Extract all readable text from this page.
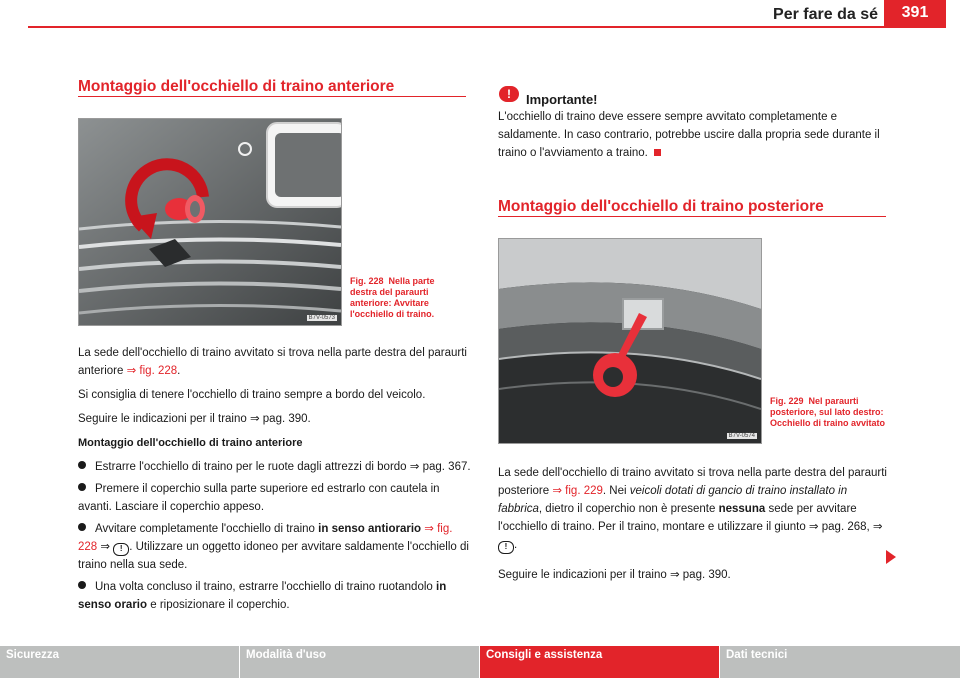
Per fare da sé	391
Montaggio dell'occhiello di traino anteriore
B7V-0573
Fig. 228 Nella parte destra del paraurti anteriore: Avvitare l'occhiello di traino.

La sede dell'occhiello di traino avvitato si trova nella parte destra del paraurti anteriore ⇒ fig. 228.

Si consiglia di tenere l'occhiello di traino sempre a bordo del veicolo.

Seguire le indicazioni per il traino ⇒ pag. 390.

Montaggio dell'occhiello di traino anteriore

Estrarre l'occhiello di traino per le ruote dagli attrezzi di bordo ⇒ pag. 367.
Premere il coperchio sulla parte superiore ed estrarlo con cautela in avanti. Lasciare il coperchio appeso.
Avvitare completamente l'occhiello di traino in senso antiorario ⇒ fig. 228 ⇒ ! . Utilizzare un oggetto idoneo per avvitare saldamente l'occhiello di traino nella sua sede.
Una volta concluso il traino, estrarre l'occhiello di traino ruotandolo in senso orario e riposizionare il coperchio.
!	Importante!
L'occhiello di traino deve essere sempre avvitato completamente e saldamente. In caso contrario, potrebbe uscire dalla propria sede durante il traino o l'avviamento a traino.
Montaggio dell'occhiello di traino posteriore
B7V-0574
Fig. 229 Nel paraurti posteriore, sul lato destro: Occhiello di traino avvitato

La sede dell'occhiello di traino avvitato si trova nella parte destra del paraurti posteriore ⇒ fig. 229. Nei veicoli dotati di gancio di traino installato in fabbrica, dietro il coperchio non è presente nessuna sede per avvitare l'occhiello di traino. Per il traino, montare e utilizzare il giunto ⇒ pag. 268, ⇒ ! .

Seguire le indicazioni per il traino ⇒ pag. 390.

Sicurezza	Modalità d'uso	Consigli e assistenza	Dati tecnici
